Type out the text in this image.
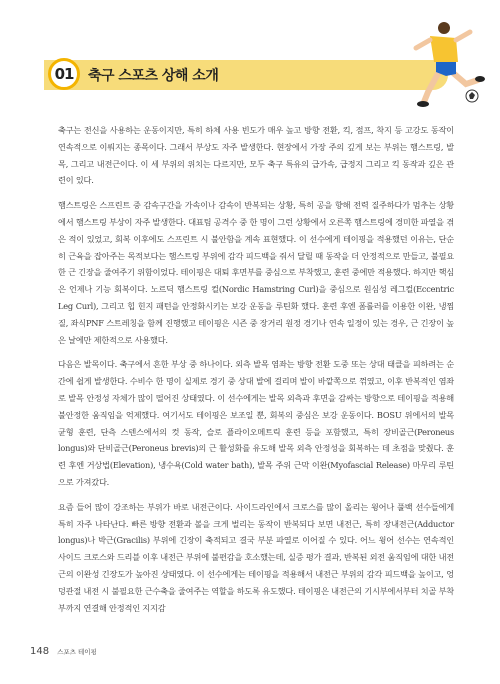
01 축구 스포츠 상해 소개

축구는 전신을 사용하는 운동이지만, 특히 하체 사용 빈도가 매우 높고 방향 전환, 킥, 점프, 착지 등 고강도 동작이 연속적으로 이뤄지는 종목이다. 그래서 부상도 자주 발생한다. 현장에서 가장 주의 깊게 보는 부위는 햄스트링, 발목, 그리고 내전근이다. 이 세 부위의 위치는 다르지만, 모두 축구 특유의 급가속, 급정지 그리고 킥 동작과 깊은 관련이 있다.

햄스트링은 스프린트 중 감속구간을 가속이나 감속이 반복되는 상황, 특히 공을 향해 전력 질주하다가 멈추는 상황에서 햄스트링 부상이 자주 발생한다. 대표팀 공격수 중 한 명이 그런 상황에서 오른쪽 햄스트링에 경미한 파열을 겪은 적이 있었고, 회복 이후에도 스프린트 시 불안함을 계속 표현했다. 이 선수에게 테이핑을 적용했던 이유는, 단순히 근육을 잡아주는 목적보다는 햄스트링 부위에 감각 피드백을 줘서 달릴 때 동작을 더 안정적으로 만들고, 불필요한 근 긴장을 줄여주기 위함이었다. 테이핑은 대퇴 후면부를 중심으로 부착했고, 훈련 중에만 적용했다. 하지만 핵심은 언제나 기능 회복이다. 노르딕 햄스트링 컬(Nordic Hamstring Curl)을 중심으로 원심성 레그컬(Eccentric Leg Curl), 그리고 힙 힌지 패턴을 안정화시키는 보강 운동을 루틴화 했다. 훈련 후엔 폼롤러를 이용한 이완, 냉찜질, 좌식PNF 스트레칭을 함께 진행했고 테이핑은 시즌 중 장거리 원정 경기나 연속 일정이 있는 경우, 근 긴장이 높은 날에만 제한적으로 사용했다.

다음은 발목이다. 축구에서 흔한 부상 중 하나이다. 외측 발목 염좌는 방향 전환 도중 또는 상대 태클을 피하려는 순간에 쉽게 발생한다. 수비수 한 명이 실제로 경기 중 상대 발에 걸리며 발이 바깥쪽으로 꺾였고, 이후 반복적인 염좌로 발목 안정성 자체가 많이 떨어진 상태였다. 이 선수에게는 발목 외측과 후면을 감싸는 방향으로 테이핑을 적용해 불안정한 움직임을 억제했다. 여기서도 테이핑은 보조일 뿐, 회복의 중심은 보강 운동이다. BOSU 위에서의 발목 균형 훈련, 단측 스텐스에서의 컷 동작, 슬로 플라이오메트릭 훈련 등을 포함했고, 특히 장비골근(Peroneus longus)와 단비골근(Peroneus brevis)의 근 활성화를 유도해 발목 외측 안정성을 회복하는 데 초점을 맞췄다. 훈련 후엔 거상법(Elevation), 냉수욕(Cold water bath), 발목 주위 근막 이완(Myofascial Release) 마무리 루틴으로 가져갔다.

요즘 들어 많이 강조하는 부위가 바로 내전근이다. 사이드라인에서 크로스를 많이 올리는 윙어나 풀백 선수들에게 특히 자주 나타난다. 빠른 방향 전환과 볼을 크게 벌리는 동작이 반복되다 보면 내전근, 특히 장내전근(Adductor longus)나 박근(Gracilis) 부위에 긴장이 축적되고 결국 부분 파열로 이어질 수 있다. 어느 윙어 선수는 연속적인 사이드 크로스와 드리블 이후 내전근 부위에 불편감을 호소했는데, 실증 평가 결과, 반복된 외전 움직임에 대한 내전근의 이완성 긴장도가 높아진 상태였다. 이 선수에게는 테이핑을 적용해서 내전근 부위의 감각 피드백을 높이고, 엉덩관절 내전 시 불필요한 근수축을 줄여주는 역할을 하도록 유도했다. 테이핑은 내전근의 기시부에서부터 치골 부착부까지 연결해 안정적인 지지감

148 스포츠 테이핑
